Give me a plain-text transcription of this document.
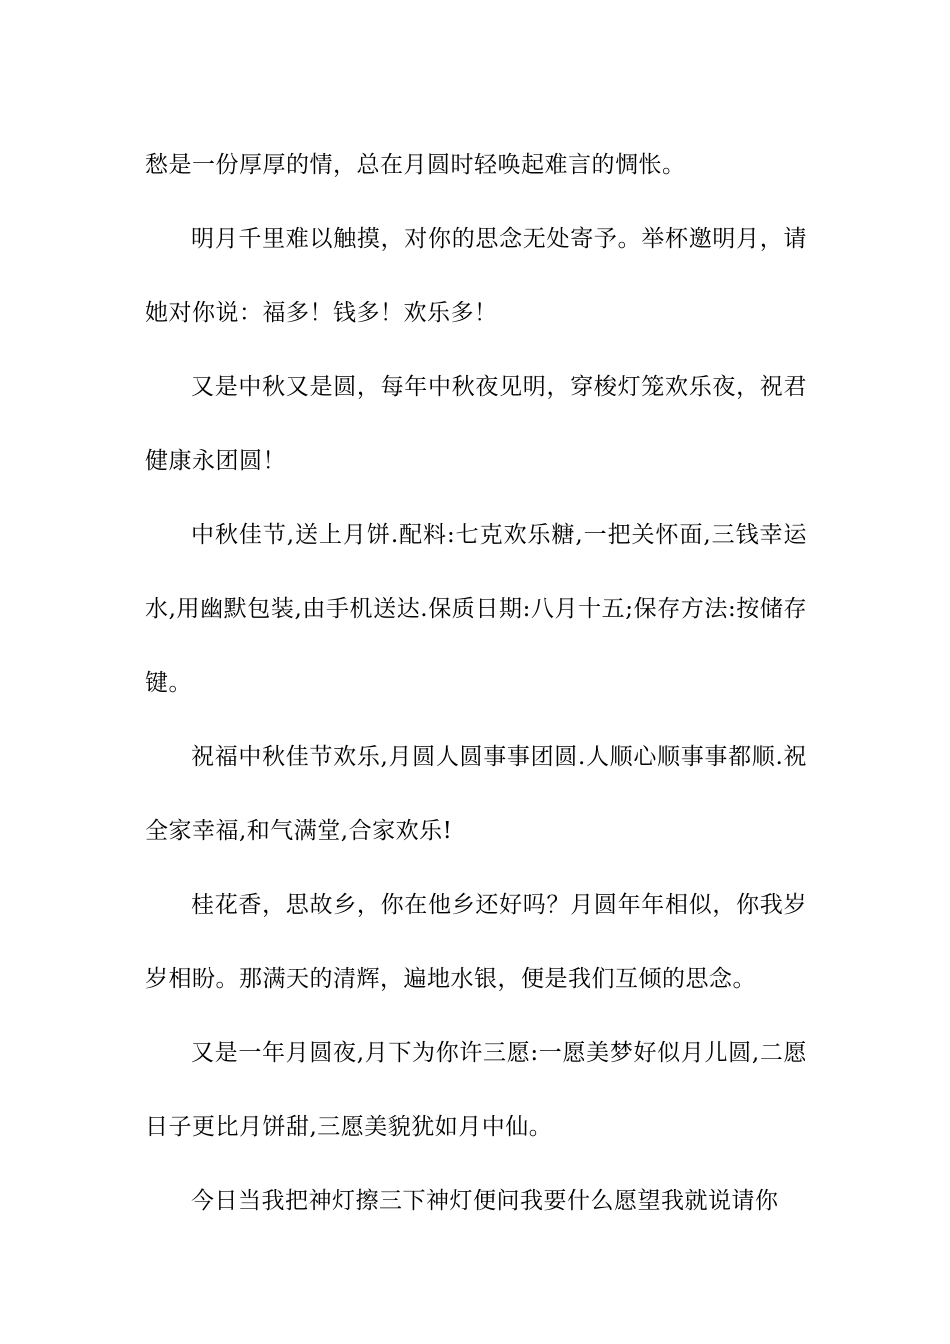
愁是一份厚厚的情，总在月圆时轻唤起难言的惆怅。

明月千里难以触摸，对你的思念无处寄予。举杯邀明月，请她对你说：福多！钱多！欢乐多！

又是中秋又是圆，每年中秋夜见明，穿梭灯笼欢乐夜，祝君健康永团圆！

中秋佳节,送上月饼.配料:七克欢乐糖,一把关怀面,三钱幸运水,用幽默包装,由手机送达.保质日期:八月十五;保存方法:按储存键。

祝福中秋佳节欢乐,月圆人圆事事团圆.人顺心顺事事都顺.祝全家幸福,和气满堂,合家欢乐!

桂花香，思故乡，你在他乡还好吗？月圆年年相似，你我岁岁相盼。那满天的清辉，遍地水银，便是我们互倾的思念。

又是一年月圆夜,月下为你许三愿:一愿美梦好似月儿圆,二愿日子更比月饼甜,三愿美貌犹如月中仙。

今日当我把神灯擦三下神灯便问我要什么愿望我就说请你
